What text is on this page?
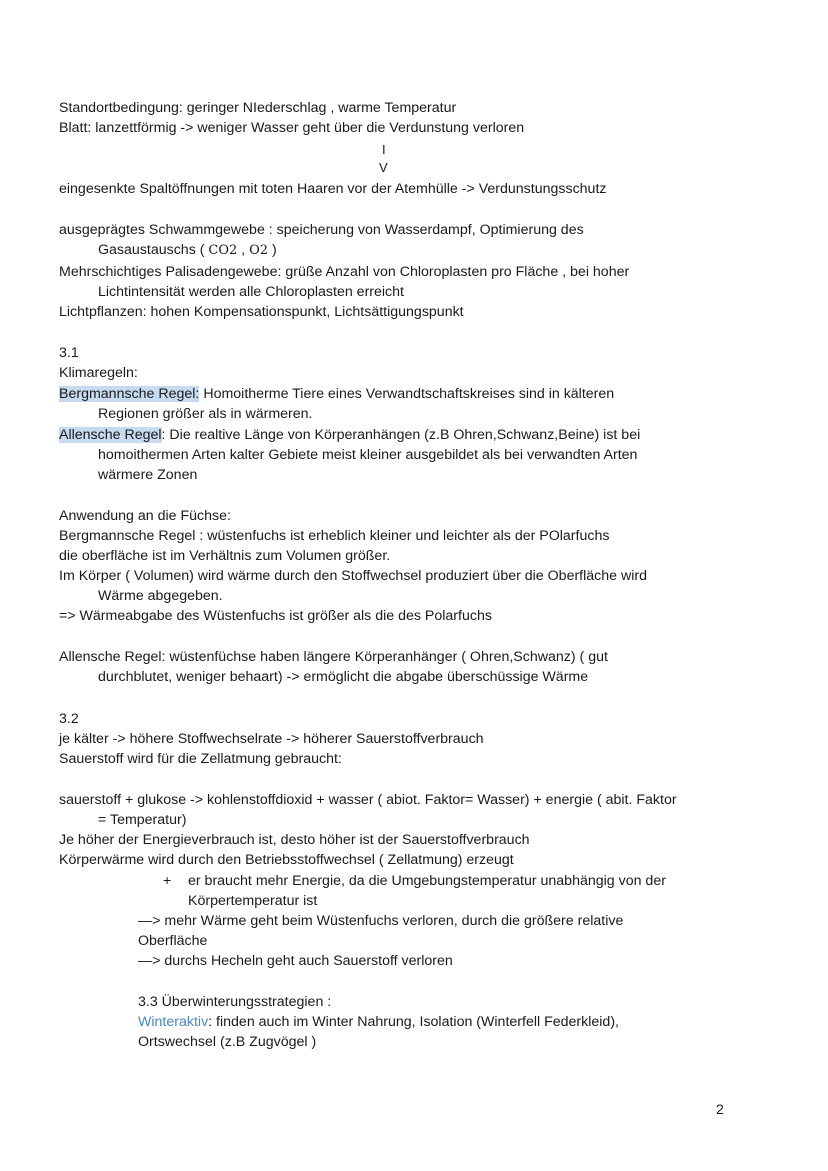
Standortbedingung: geringer NIederschlag , warme Temperatur
Blatt: lanzettförmig -> weniger Wasser geht über die Verdunstung verloren
I
V
eingesenkte Spaltöffnungen mit toten Haaren vor der Atemhülle -> Verdunstungsschutz
ausgeprägtes Schwammgewebe : speicherung von Wasserdampf, Optimierung des
Gasaustauschs ( CO2 , O2 )
Mehrschichtiges Palisadengewebe: grüße Anzahl von Chloroplasten pro Fläche , bei hoher
Lichtintensität werden alle Chloroplasten erreicht
Lichtpflanzen: hohen Kompensationspunkt, Lichtsättigungspunkt
3.1
Klimaregeln:
Bergmannsche Regel: Homoitherme Tiere eines Verwandtschaftskreises sind in kälteren
Regionen größer als in wärmeren.
Allensche Regel: Die realtive Länge von Körperanhängen (z.B Ohren,Schwanz,Beine) ist bei
homoithermen Arten kalter Gebiete meist kleiner ausgebildet als bei verwandten Arten
wärmere Zonen
Anwendung an die Füchse:
Bergmannsche Regel : wüstenfuchs ist erheblich kleiner und leichter als der POlarfuchs
die oberfläche ist im Verhältnis zum Volumen größer.
Im Körper ( Volumen) wird wärme durch den Stoffwechsel produziert über die Oberfläche wird
Wärme abgegeben.
=> Wärmeabgabe des Wüstenfuchs ist größer als die des Polarfuchs
Allensche Regel: wüstenfüchse haben längere Körperanhänger ( Ohren,Schwanz) ( gut
durchblutet, weniger behaart) -> ermöglicht die abgabe überschüssige Wärme
3.2
je kälter -> höhere Stoffwechselrate -> höherer Sauerstoffverbrauch
Sauerstoff wird für die Zellatmung gebraucht:
sauerstoff + glukose -> kohlenstoffdioxid + wasser ( abiot. Faktor= Wasser) + energie ( abit. Faktor
= Temperatur)
Je höher der Energieverbrauch ist, desto höher ist der Sauerstoffverbrauch
Körperwärme wird durch den Betriebsstoffwechsel ( Zellatmung) erzeugt
+ er braucht mehr Energie, da die Umgebungstemperatur unabhängig von der
Körpertemperatur ist
—> mehr Wärme geht beim Wüstenfuchs verloren, durch die größere relative
Oberfläche
—> durchs Hecheln geht auch Sauerstoff verloren
3.3 Überwinterungsstrategien :
Winteraktiv: finden auch im Winter Nahrung, Isolation (Winterfell Federkleid),
Ortswechsel (z.B Zugvögel )
2
